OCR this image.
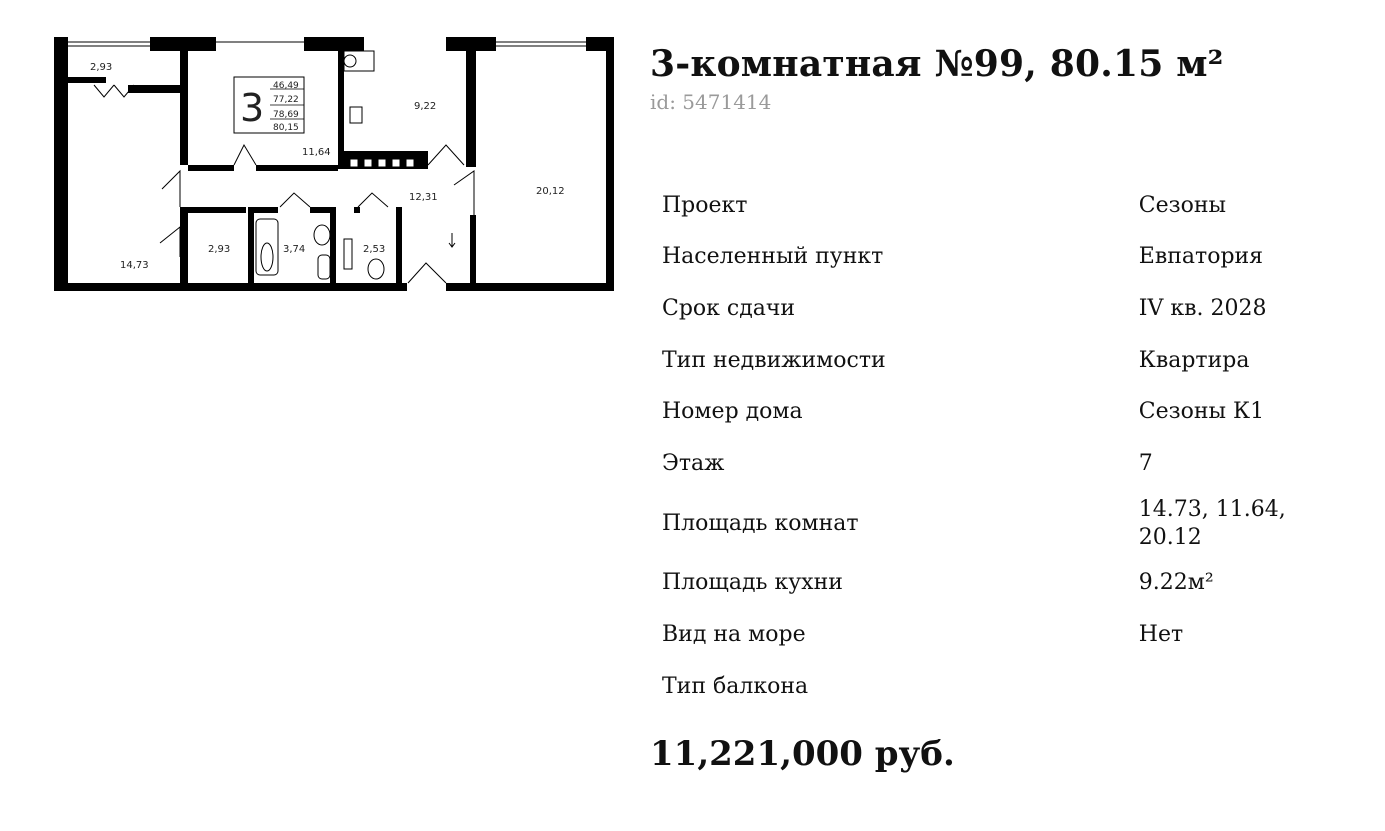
3 46,49
77,22
78,69
80,15
2,93
14,73
11,64
9,22
12,31
20,12
2,93	3,74	2,53
3-комнатная №99, 80.15 м²
id: 5471414
Проект	Сезоны
Населенный пункт	Евпатория
Срок сдачи	IV кв. 2028
Тип недвижимости	Квартира
Номер дома	Сезоны К1
Этаж	7
Площадь комнат	14.73, 11.64, 20.12
Площадь кухни	9.22м²
Вид на море	Нет
Тип балкона	
11,221,000 руб.
